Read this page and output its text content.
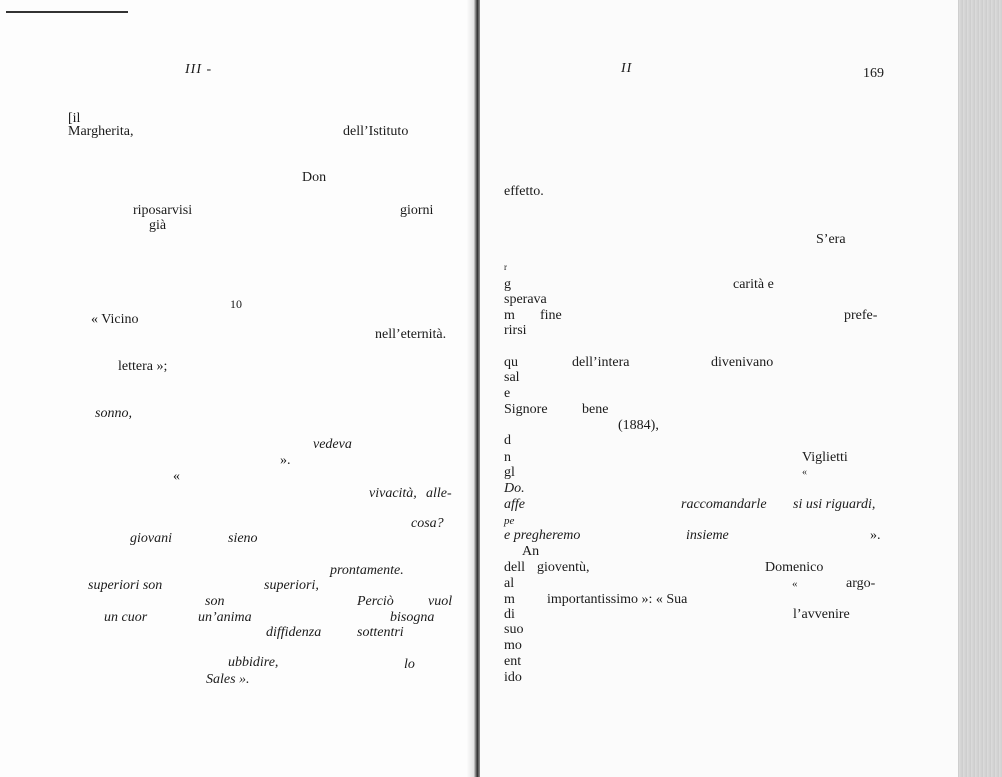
III -
[il
Margherita,	dell’Istituto
Don
riposarvisi	giorni
già
10
« Vicino
nell’eternità.
lettera »;
sonno,
vedeva
».
«
vivacità, alle-
cosa?
giovani	sieno
prontamente.
superiori son	superiori,
son	Perciò vuol
un cuor	un’anima	bisogna
diffidenza	sottentri
ubbidire,	lo
Sales ».
II	169
effetto.
S’era
r
g	carità e
sperava
m fine	prefe-
rirsi
qu	dell’intera	divenivano
sal
e
Signore bene
(1884),
d
n	Viglietti
gl	«
Do.
affe	raccomandarle si usi riguardi,
pe
e pregheremo	insieme	».
An
dell gioventù,	Domenico
al	«	argo-
m importantissimo »: « Sua
di	l’avvenire
suo
mo
ent
ido
